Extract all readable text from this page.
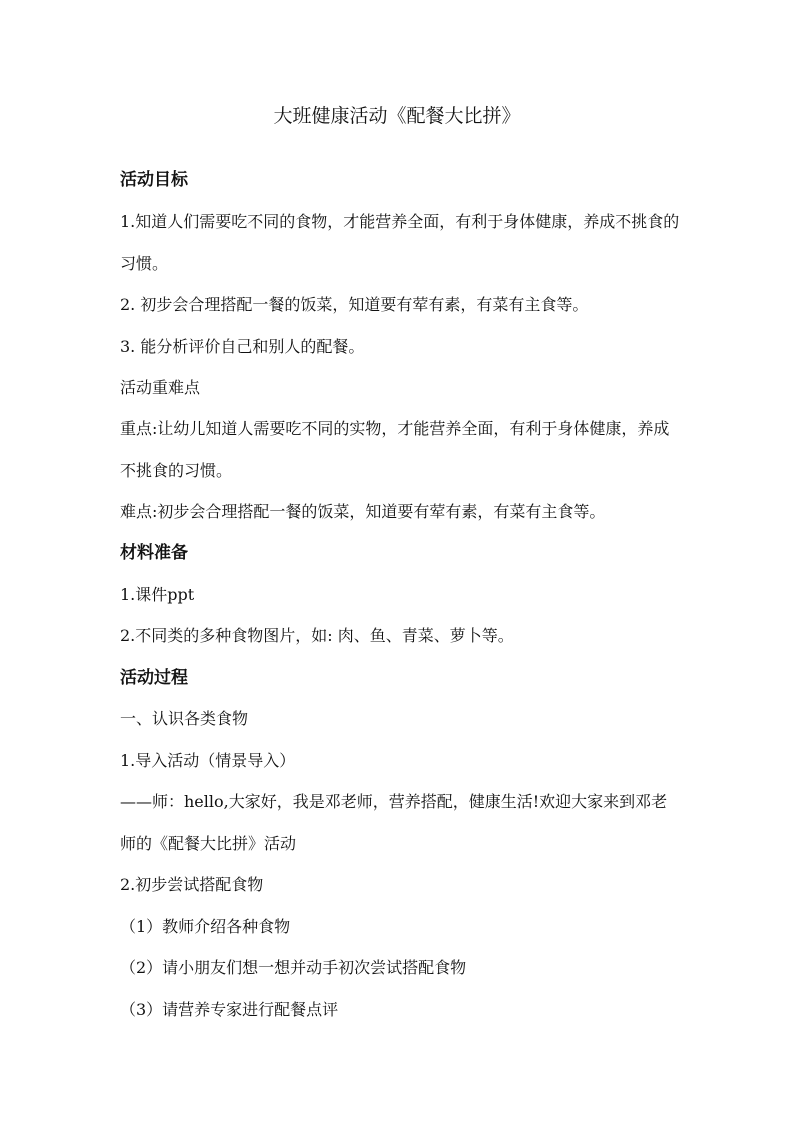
大班健康活动《配餐大比拼》

活动目标

1.知道人们需要吃不同的食物，才能营养全面，有利于身体健康，养成不挑食的习惯。

2. 初步会合理搭配一餐的饭菜，知道要有荤有素，有菜有主食等。

3. 能分析评价自己和别人的配餐。

活动重难点

重点:让幼儿知道人需要吃不同的实物，才能营养全面，有利于身体健康，养成不挑食的习惯。

难点:初步会合理搭配一餐的饭菜，知道要有荤有素，有菜有主食等。

材料准备

1.课件ppt

2.不同类的多种食物图片，如: 肉、鱼、青菜、萝卜等。

活动过程

一、认识各类食物

1.导入活动（情景导入）

——师：hello,大家好，我是邓老师，营养搭配，健康生活!欢迎大家来到邓老师的《配餐大比拼》活动

2.初步尝试搭配食物

（1）教师介绍各种食物

（2）请小朋友们想一想并动手初次尝试搭配食物

（3）请营养专家进行配餐点评
